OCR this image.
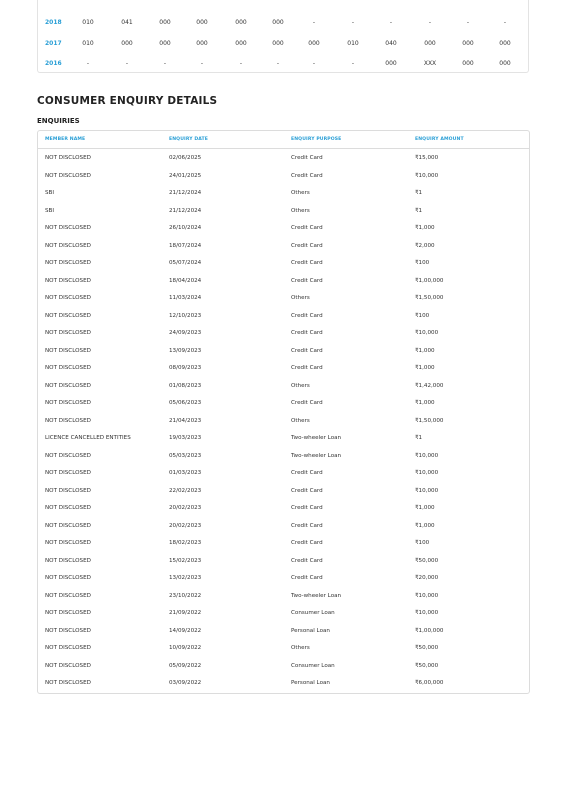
2018	010	041	000	000	000	000	-	-	-	-	-	-
2017	010	000	000	000	000	000	000	010	040	000	000	000
2016	-	-	-	-	-	-	-	-	000	XXX	000	000
CONSUMER ENQUIRY DETAILS
ENQUIRIES
MEMBER NAME	ENQUIRY DATE	ENQUIRY PURPOSE	ENQUIRY AMOUNT
NOT DISCLOSED	02/06/2025	Credit Card	₹15,000
NOT DISCLOSED	24/01/2025	Credit Card	₹10,000
SBI	21/12/2024	Others	₹1
SBI	21/12/2024	Others	₹1
NOT DISCLOSED	26/10/2024	Credit Card	₹1,000
NOT DISCLOSED	18/07/2024	Credit Card	₹2,000
NOT DISCLOSED	05/07/2024	Credit Card	₹100
NOT DISCLOSED	18/04/2024	Credit Card	₹1,00,000
NOT DISCLOSED	11/03/2024	Others	₹1,50,000
NOT DISCLOSED	12/10/2023	Credit Card	₹100
NOT DISCLOSED	24/09/2023	Credit Card	₹10,000
NOT DISCLOSED	13/09/2023	Credit Card	₹1,000
NOT DISCLOSED	08/09/2023	Credit Card	₹1,000
NOT DISCLOSED	01/08/2023	Others	₹1,42,000
NOT DISCLOSED	05/06/2023	Credit Card	₹1,000
NOT DISCLOSED	21/04/2023	Others	₹1,50,000
LICENCE CANCELLED ENTITIES	19/03/2023	Two-wheeler Loan	₹1
NOT DISCLOSED	05/03/2023	Two-wheeler Loan	₹10,000
NOT DISCLOSED	01/03/2023	Credit Card	₹10,000
NOT DISCLOSED	22/02/2023	Credit Card	₹10,000
NOT DISCLOSED	20/02/2023	Credit Card	₹1,000
NOT DISCLOSED	20/02/2023	Credit Card	₹1,000
NOT DISCLOSED	18/02/2023	Credit Card	₹100
NOT DISCLOSED	15/02/2023	Credit Card	₹50,000
NOT DISCLOSED	13/02/2023	Credit Card	₹20,000
NOT DISCLOSED	23/10/2022	Two-wheeler Loan	₹10,000
NOT DISCLOSED	21/09/2022	Consumer Loan	₹10,000
NOT DISCLOSED	14/09/2022	Personal Loan	₹1,00,000
NOT DISCLOSED	10/09/2022	Others	₹50,000
NOT DISCLOSED	05/09/2022	Consumer Loan	₹50,000
NOT DISCLOSED	03/09/2022	Personal Loan	₹6,00,000
